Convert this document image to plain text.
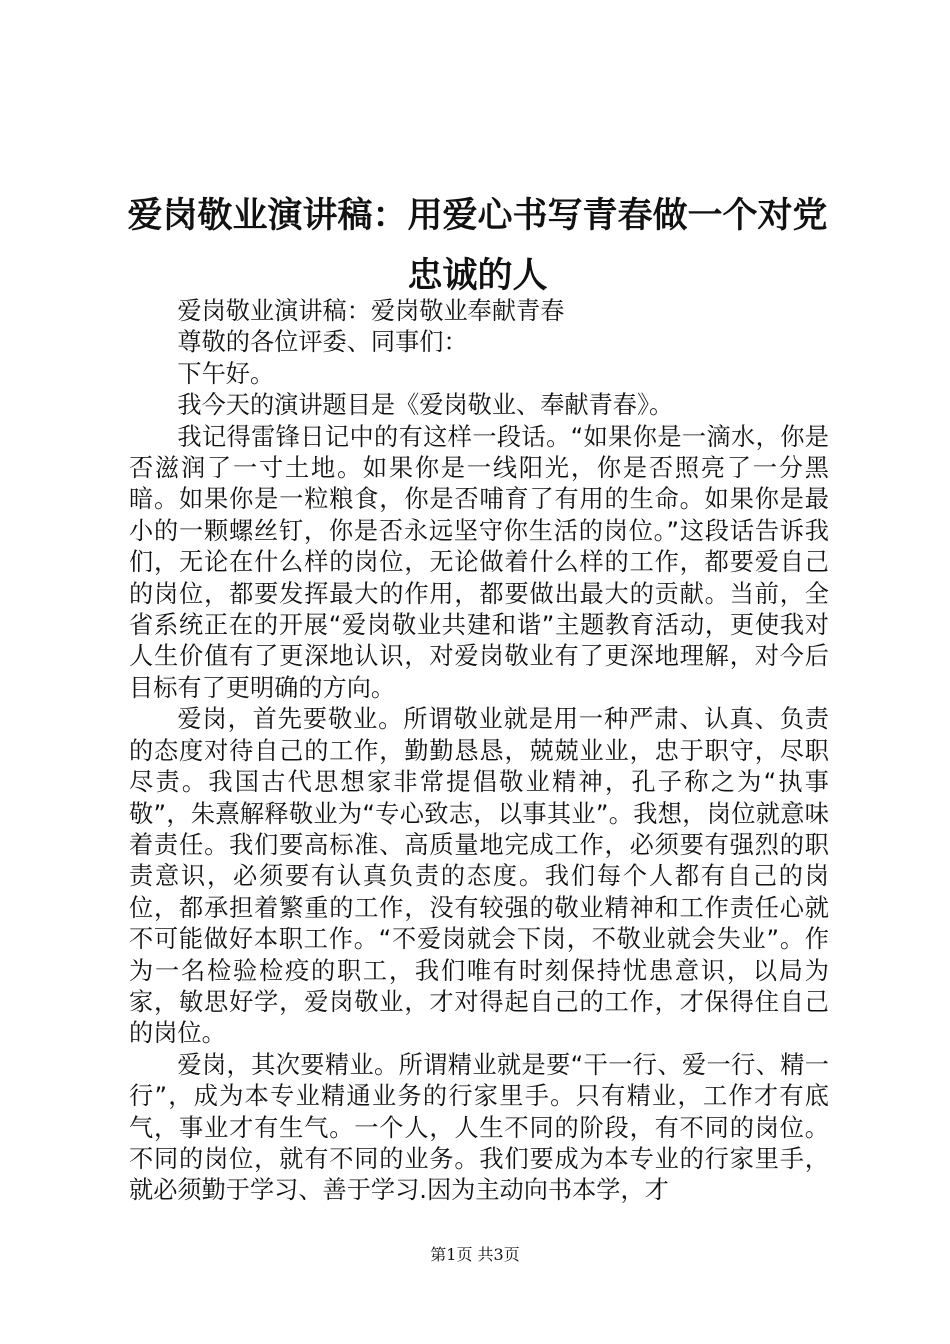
爱岗敬业演讲稿：用爱心书写青春做一个对党忠诚的人

爱岗敬业演讲稿：爱岗敬业奉献青春

尊敬的各位评委、同事们：

下午好。

我今天的演讲题目是《爱岗敬业、奉献青春》。

我记得雷锋日记中的有这样一段话。“如果你是一滴水，你是否滋润了一寸土地。如果你是一线阳光，你是否照亮了一分黑暗。如果你是一粒粮食，你是否哺育了有用的生命。如果你是最小的一颗螺丝钉，你是否永远坚守你生活的岗位。”这段话告诉我们，无论在什么样的岗位，无论做着什么样的工作，都要爱自己的岗位，都要发挥最大的作用，都要做出最大的贡献。当前，全省系统正在的开展“爱岗敬业共建和谐”主题教育活动，更使我对人生价值有了更深地认识，对爱岗敬业有了更深地理解，对今后目标有了更明确的方向。

爱岗，首先要敬业。所谓敬业就是用一种严肃、认真、负责的态度对待自己的工作，勤勤恳恳，兢兢业业，忠于职守，尽职尽责。我国古代思想家非常提倡敬业精神，孔子称之为“执事敬”，朱熹解释敬业为“专心致志，以事其业”。我想，岗位就意味着责任。我们要高标准、高质量地完成工作，必须要有强烈的职责意识，必须要有认真负责的态度。我们每个人都有自己的岗位，都承担着繁重的工作，没有较强的敬业精神和工作责任心就不可能做好本职工作。“不爱岗就会下岗，不敬业就会失业”。作为一名检验检疫的职工，我们唯有时刻保持忧患意识，以局为家，敏思好学，爱岗敬业，才对得起自己的工作，才保得住自己的岗位。

爱岗，其次要精业。所谓精业就是要“干一行、爱一行、精一行”，成为本专业精通业务的行家里手。只有精业，工作才有底气，事业才有生气。一个人，人生不同的阶段，有不同的岗位。不同的岗位，就有不同的业务。我们要成为本专业的行家里手，就必须勤于学习、善于学习.因为主动向书本学，才

第1页 共3页
